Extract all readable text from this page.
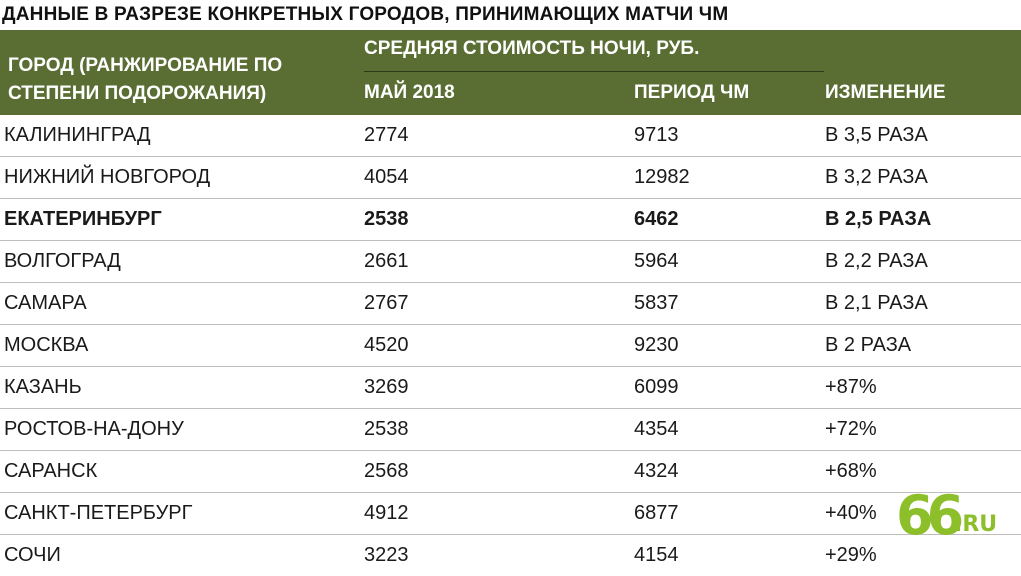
ДАННЫЕ В РАЗРЕЗЕ КОНКРЕТНЫХ ГОРОДОВ, ПРИНИМАЮЩИХ МАТЧИ ЧМ
ГОРОД (РАНЖИРОВАНИЕ ПО
СТЕПЕНИ ПОДОРОЖАНИЯ)
СРЕДНЯЯ СТОИМОСТЬ НОЧИ, РУБ.
МАЙ 2018	ПЕРИОД ЧМ	ИЗМЕНЕНИЕ
КАЛИНИНГРАД	2774	9713	В 3,5 РАЗА
НИЖНИЙ НОВГОРОД	4054	12982	В 3,2 РАЗА
ЕКАТЕРИНБУРГ	2538	6462	В 2,5 РАЗА
ВОЛГОГРАД	2661	5964	В 2,2 РАЗА
САМАРА	2767	5837	В 2,1 РАЗА
МОСКВА	4520	9230	В 2 РАЗА
КАЗАНЬ	3269	6099	+87%
РОСТОВ-НА-ДОНУ	2538	4354	+72%
САРАНСК	2568	4324	+68%
САНКТ-ПЕТЕРБУРГ	4912	6877	+40%
СОЧИ	3223	4154	+29%
66
.RU
